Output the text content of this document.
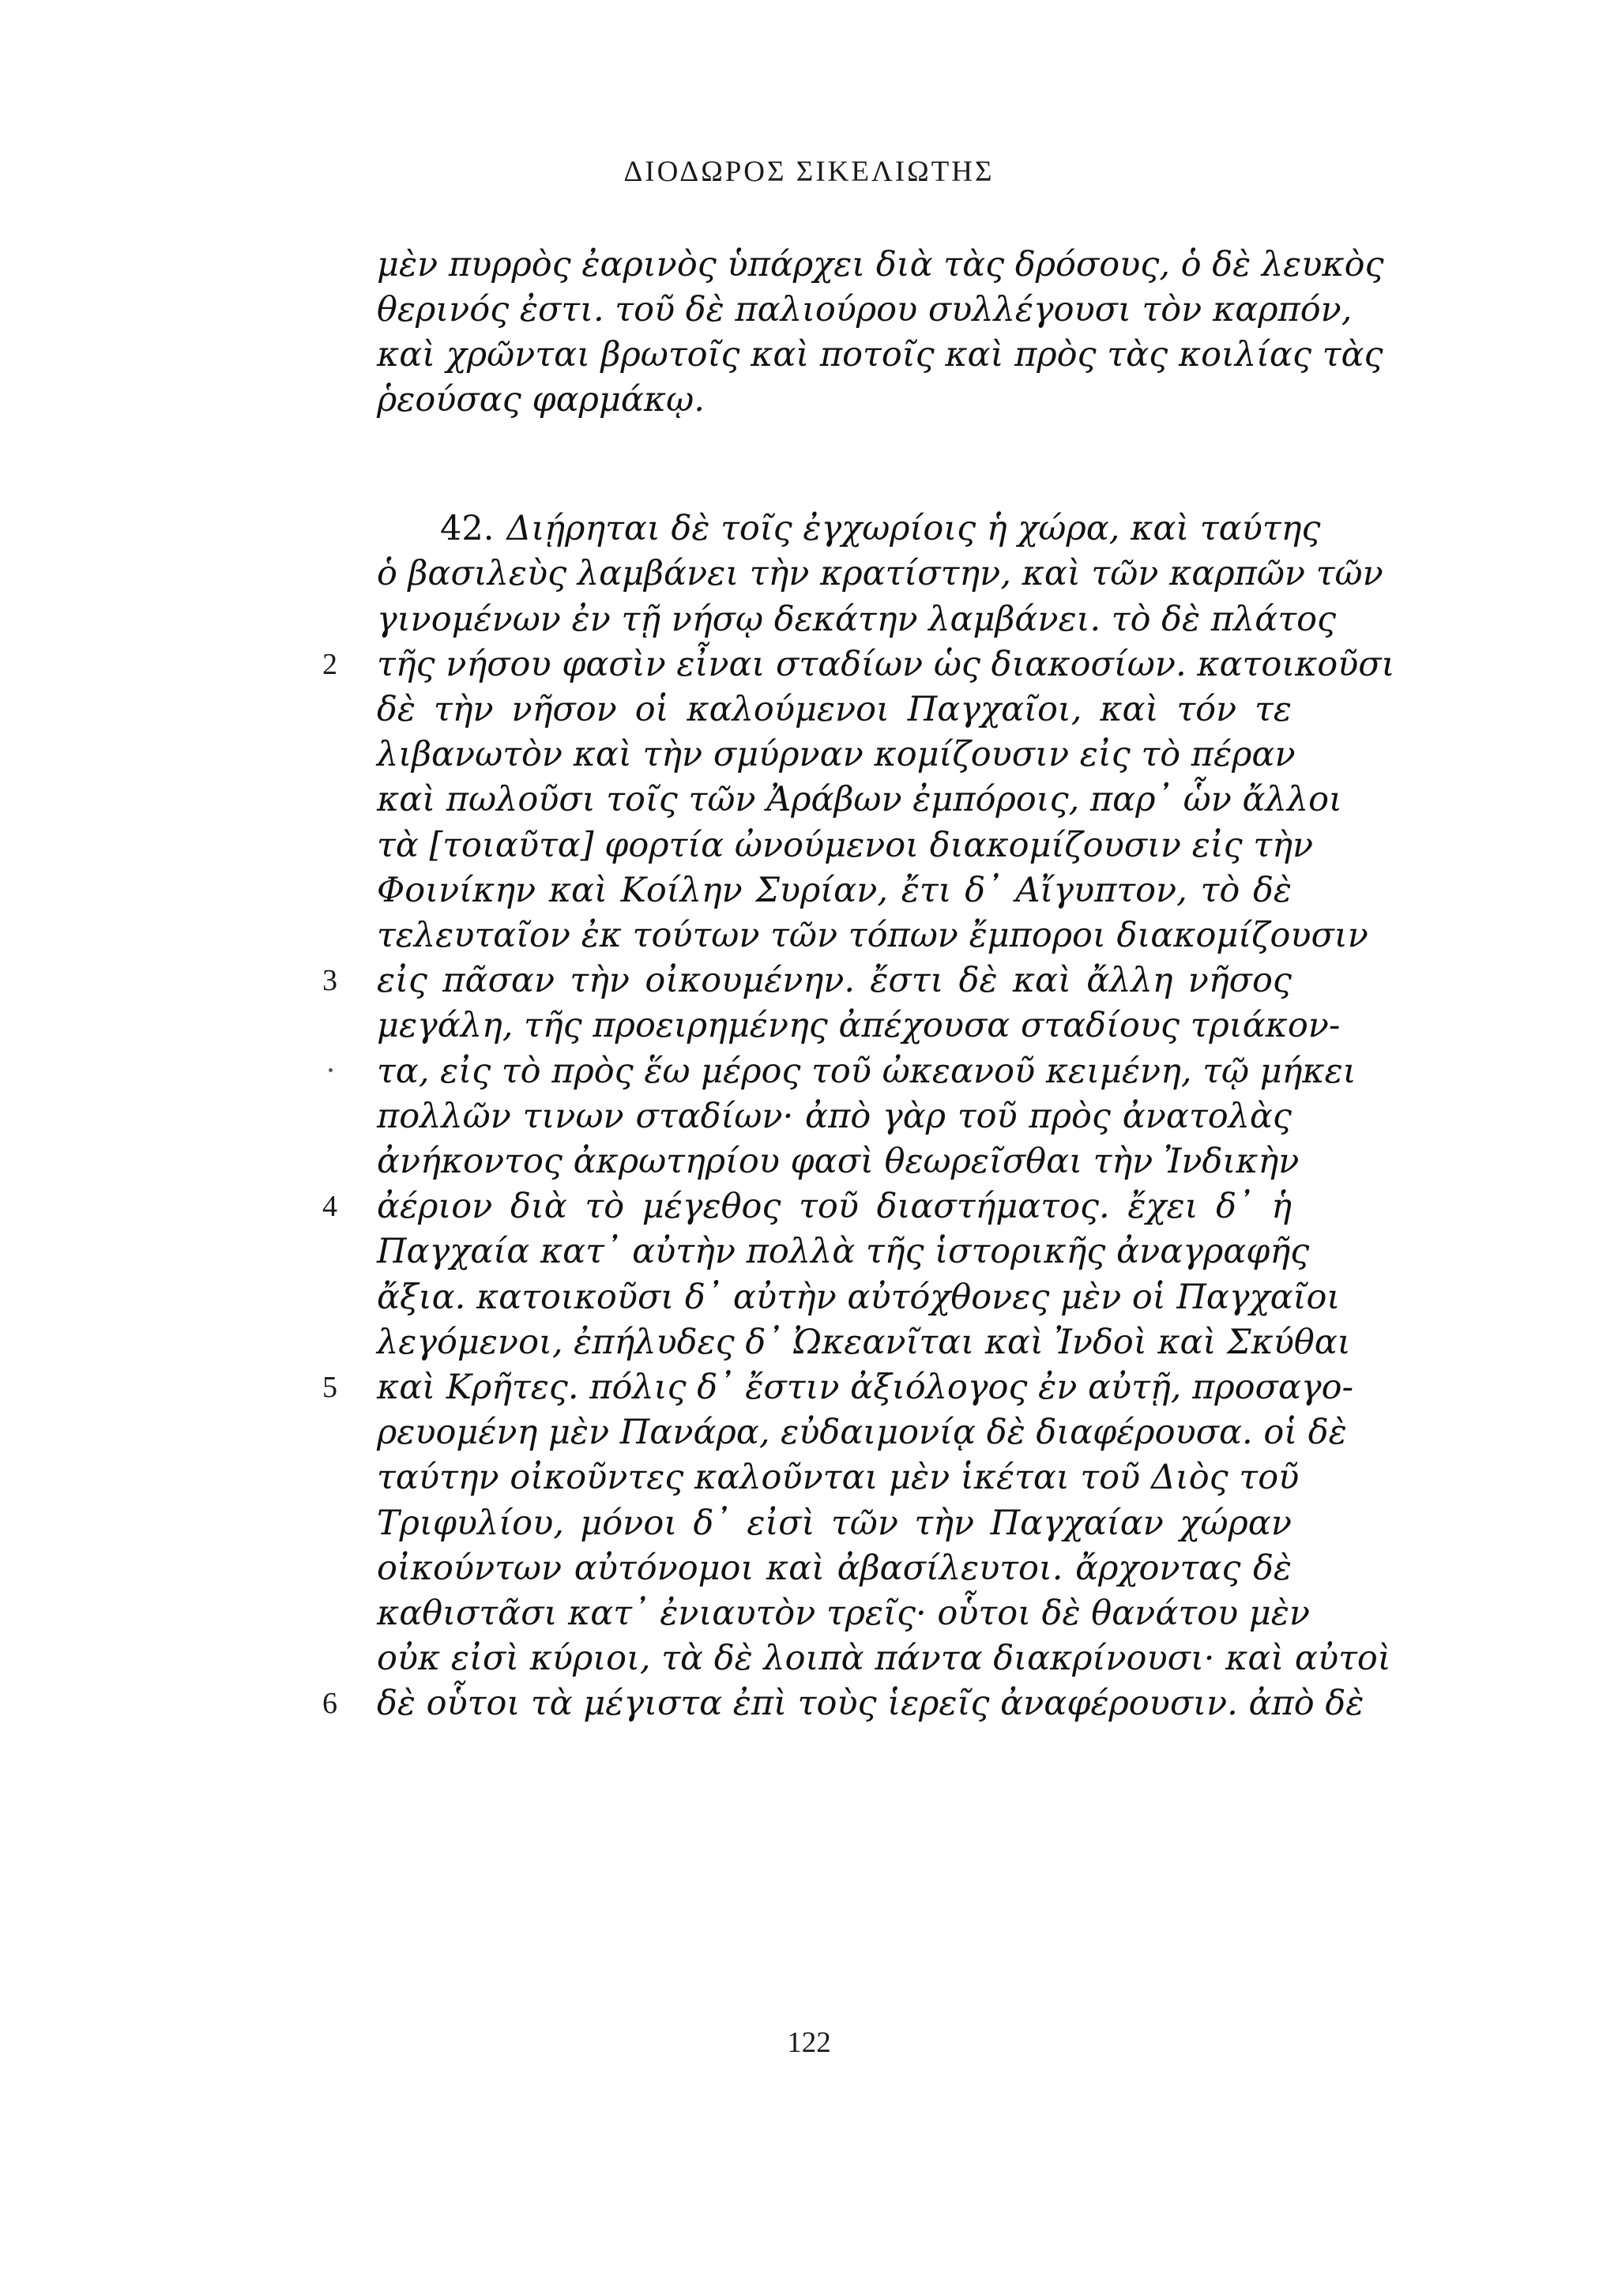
ΔΙΟΔΩΡΟΣ ΣΙΚΕΛΙΩΤΗΣ
μὲν πυρρὸς ἐαρινὸς ὑπάρχει διὰ τὰς δρόσους, ὁ δὲ λευκὸς
θερινός ἐστι. τοῦ δὲ παλιούρου συλλέγουσι τὸν καρπόν,
καὶ χρῶνται βρωτοῖς καὶ ποτοῖς καὶ πρὸς τὰς κοιλίας τὰς
ῥεούσας φαρμάκῳ.
42. Διῄρηται δὲ τοῖς ἐγχωρίοις ἡ χώρα, καὶ ταύτης
ὁ βασιλεὺς λαμβάνει τὴν κρατίστην, καὶ τῶν καρπῶν τῶν
γινομένων ἐν τῇ νήσῳ δεκάτην λαμβάνει. τὸ δὲ πλάτος
τῆς νήσου φασὶν εἶναι σταδίων ὡς διακοσίων. κατοικοῦσι
δὲ τὴν νῆσον οἱ καλούμενοι Παγχαῖοι, καὶ τόν τε
λιβανωτὸν καὶ τὴν σμύρναν κομίζουσιν εἰς τὸ πέραν
καὶ πωλοῦσι τοῖς τῶν Ἀράβων ἐμπόροις, παρ᾽ ὧν ἄλλοι
τὰ [τοιαῦτα] φορτία ὠνούμενοι διακομίζουσιν εἰς τὴν
Φοινίκην καὶ Κοίλην Συρίαν, ἔτι δ᾽ Αἴγυπτον, τὸ δὲ
τελευταῖον ἐκ τούτων τῶν τόπων ἔμποροι διακομίζουσιν
εἰς πᾶσαν τὴν οἰκουμένην. ἔστι δὲ καὶ ἄλλη νῆσος
μεγάλη, τῆς προειρημένης ἀπέχουσα σταδίους τριάκον-
τα, εἰς τὸ πρὸς ἕω μέρος τοῦ ὠκεανοῦ κειμένη, τῷ μήκει
πολλῶν τινων σταδίων· ἀπὸ γὰρ τοῦ πρὸς ἀνατολὰς
ἀνήκοντος ἀκρωτηρίου φασὶ θεωρεῖσθαι τὴν Ἰνδικὴν
ἀέριον διὰ τὸ μέγεθος τοῦ διαστήματος. ἔχει δ᾽ ἡ
Παγχαία κατ᾽ αὐτὴν πολλὰ τῆς ἱστορικῆς ἀναγραφῆς
ἄξια. κατοικοῦσι δ᾽ αὐτὴν αὐτόχθονες μὲν οἱ Παγχαῖοι
λεγόμενοι, ἐπήλυδες δ᾽ Ὠκεανῖται καὶ Ἰνδοὶ καὶ Σκύθαι
καὶ Κρῆτες. πόλις δ᾽ ἔστιν ἀξιόλογος ἐν αὐτῇ, προσαγο-
ρευομένη μὲν Πανάρα, εὐδαιμονίᾳ δὲ διαφέρουσα. οἱ δὲ
ταύτην οἰκοῦντες καλοῦνται μὲν ἱκέται τοῦ Διὸς τοῦ
Τριφυλίου, μόνοι δ᾽ εἰσὶ τῶν τὴν Παγχαίαν χώραν
οἰκούντων αὐτόνομοι καὶ ἀβασίλευτοι. ἄρχοντας δὲ
καθιστᾶσι κατ᾽ ἐνιαυτὸν τρεῖς· οὗτοι δὲ θανάτου μὲν
οὐκ εἰσὶ κύριοι, τὰ δὲ λοιπὰ πάντα διακρίνουσι· καὶ αὐτοὶ
δὲ οὗτοι τὰ μέγιστα ἐπὶ τοὺς ἱερεῖς ἀναφέρουσιν. ἀπὸ δὲ
2
3
4
5
6
122
